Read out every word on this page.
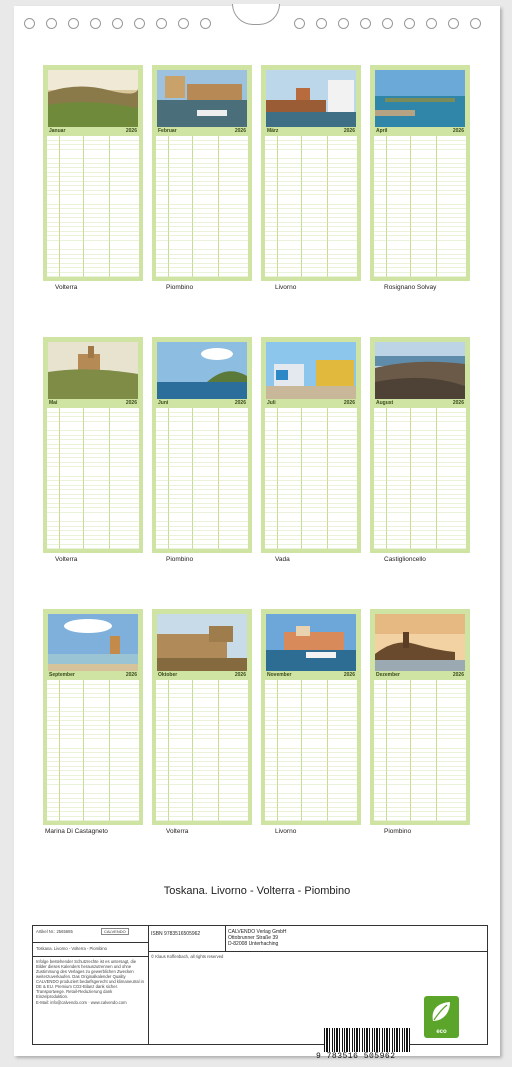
Januar	2026
Volterra
Februar	2026
Piombino
März	2026
Livorno
April	2026
Rosignano Solvay
Mai	2026
Volterra
Juni	2026
Piombino
Juli	2026
Vada
August	2026
Castiglioncello
September	2026
Marina Di Castagneto
Oktober	2026
Volterra
November	2026
Livorno
Dezember	2026
Piombino
Toskana. Livorno - Volterra - Piombino
Artikel Nr.: 2565685	CALVENDO
Toskana. Livorno - Volterra - Piombino
Infolge bestehender Schutzrechte ist es untersagt, die Bilder dieses Kalenders herauszutrennen und ohne Zustimmung des Verlages zu gewerblichen Zwecken weiterzuverkaufen. Das Originalkalender Quality CALVENDO produziert bedarfsgerecht und klimaneutral in DE & EU. Premium CO2-Bilanz dank sicher. Transportwege. Retail-Reduzierung dank Einzelproduktion.
E-Mail: info@calvendo.com · www.calvendo.com
ISBN 9783516505962	CALVENDO Verlag GmbH
Ottobrunner Straße 39
D-82008 Unterhaching
© Klaus Koffenbach, all rights reserved
9 783516 505962
eco
